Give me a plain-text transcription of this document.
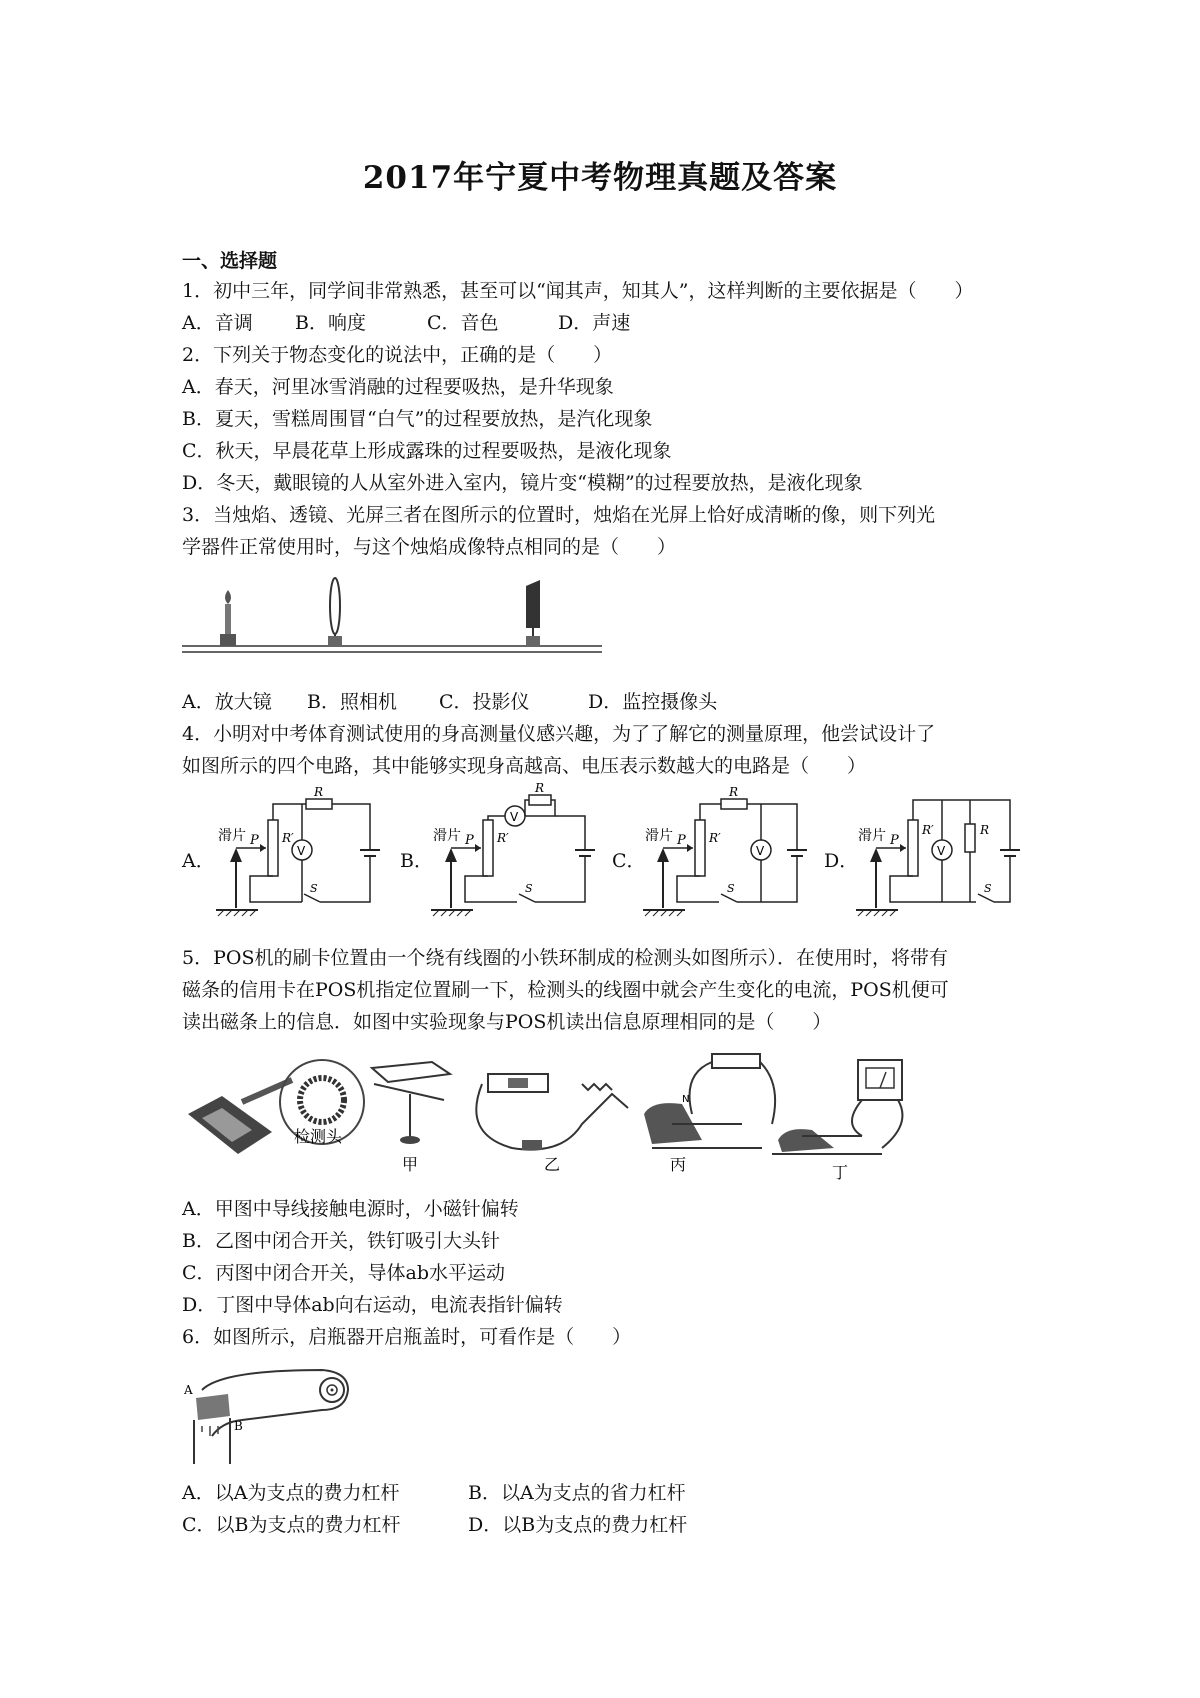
2017年宁夏中考物理真题及答案
一、选择题
1．初中三年，同学间非常熟悉，甚至可以“闻其声，知其人”，这样判断的主要依据是（　　）
A．音调 B．响度	C．音色	D．声速
2．下列关于物态变化的说法中，正确的是（　　）
A．春天，河里冰雪消融的过程要吸热，是升华现象
B．夏天，雪糕周围冒“白气”的过程要放热，是汽化现象
C．秋天，早晨花草上形成露珠的过程要吸热，是液化现象
D．冬天，戴眼镜的人从室外进入室内，镜片变“模糊”的过程要放热，是液化现象
3．当烛焰、透镜、光屏三者在图所示的位置时，烛焰在光屏上恰好成清晰的像，则下列光
学器件正常使用时，与这个烛焰成像特点相同的是（　　）
A．放大镜 B．照相机 C．投影仪	D．监控摄像头
4．小明对中考体育测试使用的身高测量仪感兴趣，为了了解它的测量原理，他尝试设计了
如图所示的四个电路，其中能够实现身高越高、电压表示数越大的电路是（　　）
A．	B．	C．	D．
滑片 P R′
R
S
V
滑片 P R′
V
R
S
滑片 P R′
R
V
S
滑片 P
R′
V
R
S
5．POS机的刷卡位置由一个绕有线圈的小铁环制成的检测头如图所示）．在使用时，将带有
磁条的信用卡在POS机指定位置刷一下，检测头的线圈中就会产生变化的电流，POS机便可
读出磁条上的信息．如图中实验现象与POS机读出信息原理相同的是（　　）
检测头
甲	乙
N
丙	丁
A．甲图中导线接触电源时，小磁针偏转
B．乙图中闭合开关，铁钉吸引大头针
C．丙图中闭合开关，导体ab水平运动
D．丁图中导体ab向右运动，电流表指针偏转
6．如图所示，启瓶器开启瓶盖时，可看作是（　　）
A
B
A．以A为支点的费力杠杆	B．以A为支点的省力杠杆
C．以B为支点的费力杠杆	D．以B为支点的费力杠杆
